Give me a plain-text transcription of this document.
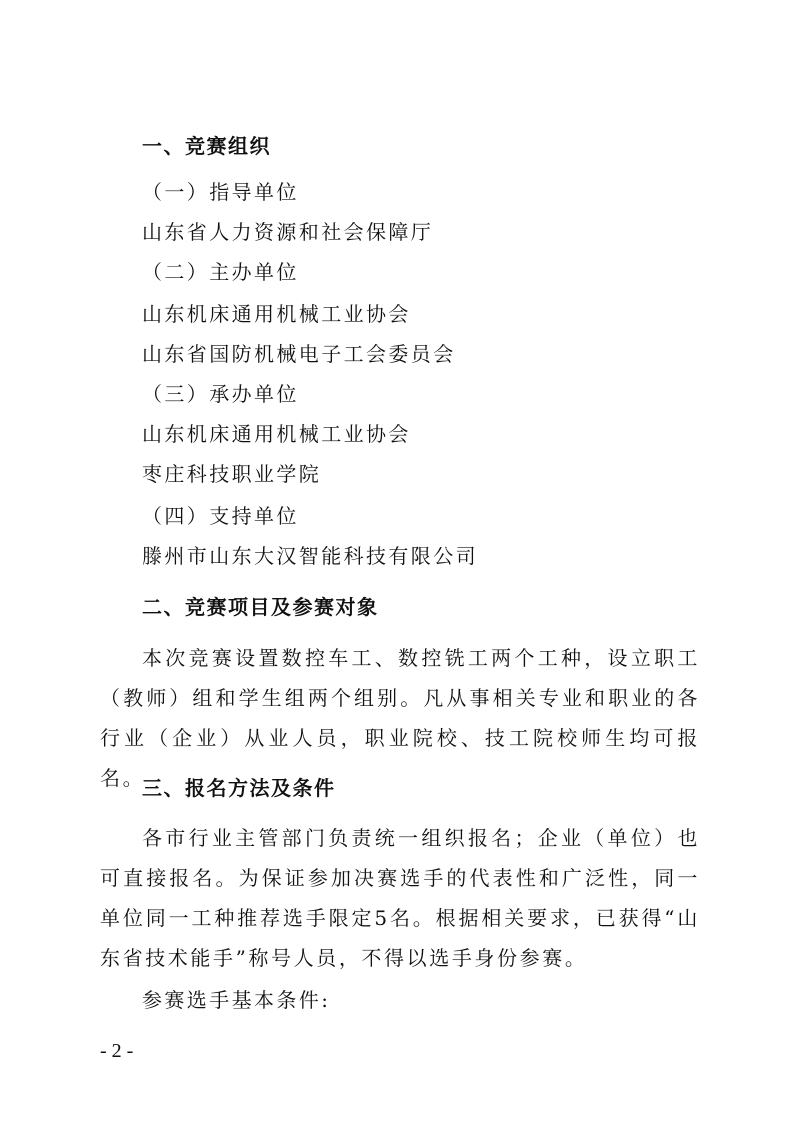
一、竞赛组织
（一）指导单位
山东省人力资源和社会保障厅
（二）主办单位
山东机床通用机械工业协会
山东省国防机械电子工会委员会
（三）承办单位
山东机床通用机械工业协会
枣庄科技职业学院
（四）支持单位
滕州市山东大汉智能科技有限公司
二、竞赛项目及参赛对象
本次竞赛设置数控车工、数控铣工两个工种，设立职工（教师）组和学生组两个组别。凡从事相关专业和职业的各行业（企业）从业人员，职业院校、技工院校师生均可报名。
三、报名方法及条件
各市行业主管部门负责统一组织报名；企业（单位）也可直接报名。为保证参加决赛选手的代表性和广泛性，同一单位同一工种推荐选手限定5名。根据相关要求，已获得“山东省技术能手”称号人员，不得以选手身份参赛。
参赛选手基本条件:
- 2 -
